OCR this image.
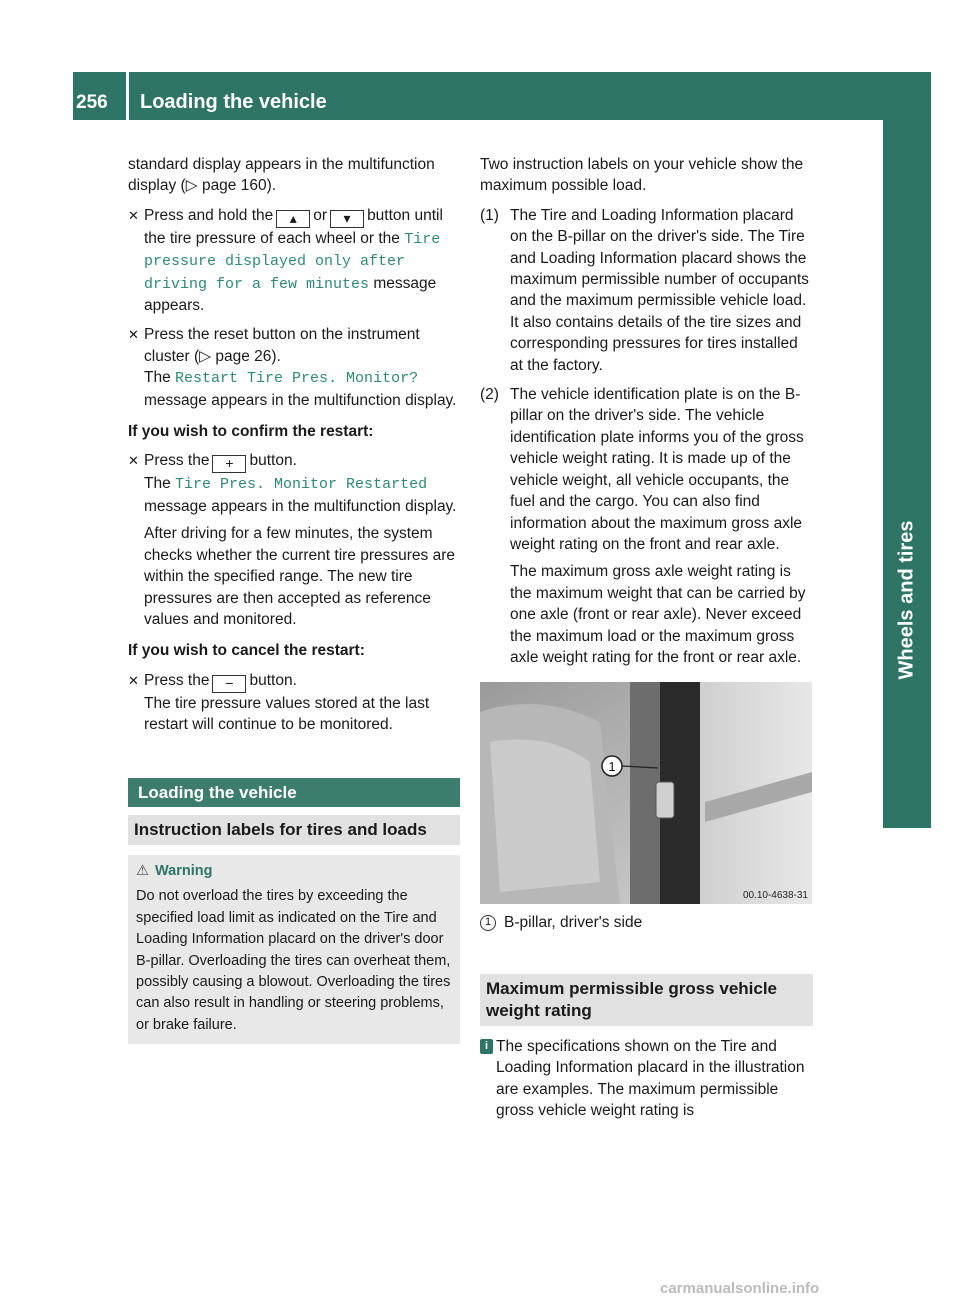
256	Loading the vehicle
Wheels and tires
standard display appears in the multifunction display (▷ page 160).
✕ Press and hold the ▴ or ▾ button until the tire pressure of each wheel or the Tire pressure displayed only after driving for a few minutes message appears.
✕ Press the reset button on the instrument cluster (▷ page 26).
The Restart Tire Pres. Monitor? message appears in the multifunction display.
If you wish to confirm the restart:
✕ Press the + button.
The Tire Pres. Monitor Restarted message appears in the multifunction display.
After driving for a few minutes, the system checks whether the current tire pressures are within the specified range. The new tire pressures are then accepted as reference values and monitored.
If you wish to cancel the restart:
✕ Press the − button.
The tire pressure values stored at the last restart will continue to be monitored.
Loading the vehicle
Instruction labels for tires and loads
⚠ Warning
Do not overload the tires by exceeding the specified load limit as indicated on the Tire and Loading Information placard on the driver's door B-pillar. Overloading the tires can overheat them, possibly causing a blowout. Overloading the tires can also result in handling or steering problems, or brake failure.
Two instruction labels on your vehicle show the maximum possible load.
(1) The Tire and Loading Information placard on the B-pillar on the driver's side. The Tire and Loading Information placard shows the maximum permissible number of occupants and the maximum permissible vehicle load. It also contains details of the tire sizes and corresponding pressures for tires installed at the factory.
(2) The vehicle identification plate is on the B-pillar on the driver's side. The vehicle identification plate informs you of the gross vehicle weight rating. It is made up of the vehicle weight, all vehicle occupants, the fuel and the cargo. You can also find information about the maximum gross axle weight rating on the front and rear axle.
The maximum gross axle weight rating is the maximum weight that can be carried by one axle (front or rear axle). Never exceed the maximum load or the maximum gross axle weight rating for the front or rear axle.
1
00.10-4638-31
1 B-pillar, driver's side
Maximum permissible gross vehicle weight rating
i The specifications shown on the Tire and Loading Information placard in the illustration are examples. The maximum permissible gross vehicle weight rating is
carmanualsonline.info
